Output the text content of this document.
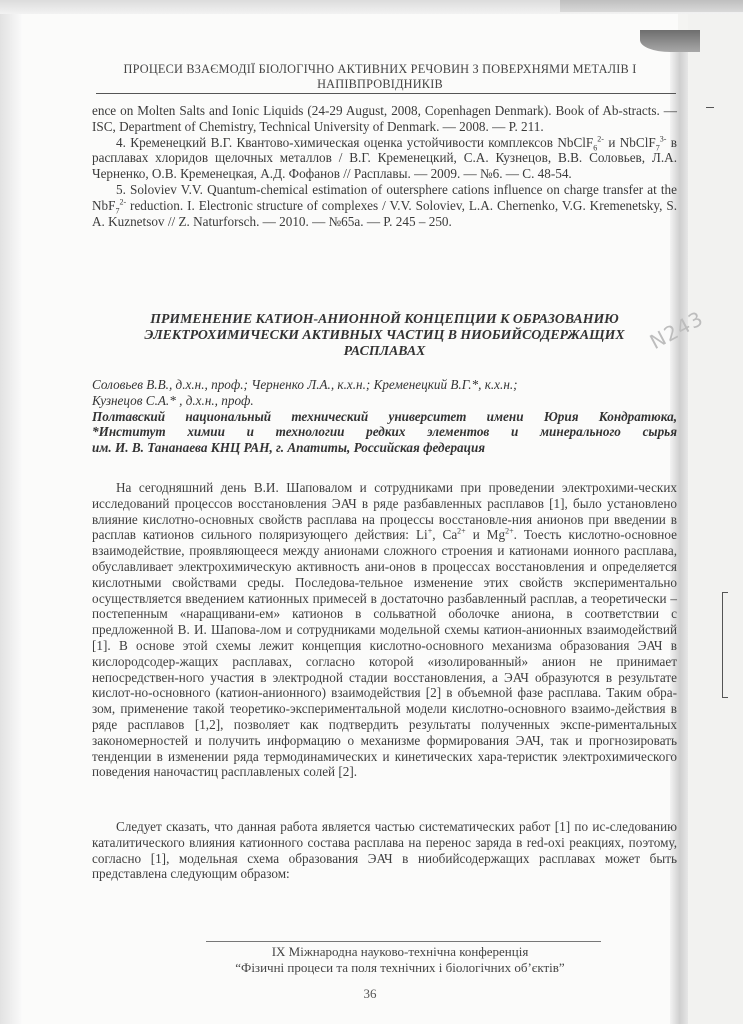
ПРОЦЕСИ ВЗАЄМОДІЇ БІОЛОГІЧНО АКТИВНИХ РЕЧОВИН З ПОВЕРХНЯМИ МЕТАЛІВ І
НАПІВПРОВІДНИКІВ

ence on Molten Salts and Ionic Liquids (24-29 August, 2008, Copenhagen Denmark). Book of Ab-stracts. — ISC, Department of Chemistry, Technical University of Denmark. — 2008. — P. 211.

4. Кременецкий В.Г. Квантово-химическая оценка устойчивости комплексов NbClF$_6^{2-}$ и NbClF$_7^{3-}$ в расплавах хлоридов щелочных металлов / В.Г. Кременецкий, С.А. Кузнецов, В.В. Соловьев, Л.А. Черненко, О.В. Кременецкая, А.Д. Фофанов // Расплавы. — 2009. — №6. — С. 48-54.

5. Soloviev V.V. Quantum-chemical estimation of outersphere cations influence on charge transfer at the NbF$_7^{2-}$ reduction. I. Electronic structure of complexes / V.V. Soloviev, L.A. Chernenko, V.G. Kremenetsky, S. A. Kuznetsov // Z. Naturforsch. — 2010. — №65a. — P. 245 – 250.

ПРИМЕНЕНИЕ КАТИОН-АНИОННОЙ КОНЦЕПЦИИ К ОБРАЗОВАНИЮ
ЭЛЕКТРОХИМИЧЕСКИ АКТИВНЫХ ЧАСТИЦ В НИОБИЙСОДЕРЖАЩИХ
РАСПЛАВАХ
Соловьев В.В., д.х.н., проф.; Черненко Л.А., к.х.н.; Кременецкий В.Г.*, к.х.н.;
Кузнецов С.А.* , д.х.н., проф.
Полтавский национальный технический университет имени Юрия Кондратюка,
*Институт химии и технологии редких элементов и минерального сырья
им. И. В. Тананаева КНЦ РАН, г. Апатиты, Российская федерация

На сегодняшний день В.И. Шаповалом и сотрудниками при проведении электрохими-ческих исследований процессов восстановления ЭАЧ в ряде разбавленных расплавов [1], было установлено влияние кислотно-основных свойств расплава на процессы восстановле-ния анионов при введении в расплав катионов сильного поляризующего действия: Li+, $Ca^{2+}$ и $Mg^{2+}$. Тоесть кислотно-основное взаимодействие, проявляющееся между анионами сложного строения и катионами ионного расплава, обуславливает электрохимическую активность ани-онов в процессах восстановления и определяется кислотными свойствами среды. Последова-тельное изменение этих свойств экспериментально осуществляется введением катионных примесей в достаточно разбавленный расплав, а теоретически – постепенным «наращивани-ем» катионов в сольватной оболочке аниона, в соответствии с предложенной В. И. Шапова-лом и сотрудниками модельной схемы катион-анионных взаимодействий [1]. В основе этой схемы лежит концепция кислотно-основного механизма образования ЭАЧ в кислородсодер-жащих расплавах, согласно которой «изолированный» анион не принимает непосредствен-ного участия в электродной стадии восстановления, а ЭАЧ образуются в результате кислот-но-основного (катион-анионного) взаимодействия [2] в объемной фазе расплава. Таким обра-зом, применение такой теоретико-экспериментальной модели кислотно-основного взаимо-действия в ряде расплавов [1,2], позволяет как подтвердить результаты полученных экспе-риментальных закономерностей и получить информацию о механизме формирования ЭАЧ, так и прогнозировать тенденции в изменении ряда термодинамических и кинетических хара-теристик электрохимического поведения наночастиц расплавленых солей [2].

Следует сказать, что данная работа является частью систематических работ [1] по ис-следованию каталитического влияния катионного состава расплава на перенос заряда в red-oxi реакциях, поэтому, согласно [1], модельная схема образования ЭАЧ в ниобийсодержащих расплавах может быть представлена следующим образом:

N243
IX Міжнародна науково-технічна конференція
“Фізичні процеси та поля технічних і біологічних об’єктів”
36
